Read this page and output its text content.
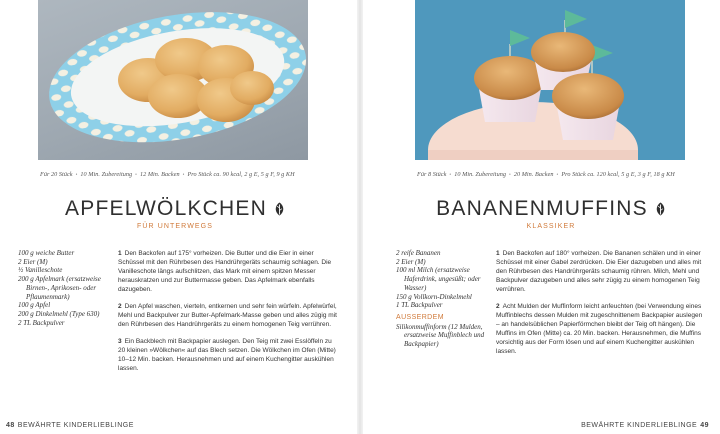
Für 20 Stück • 10 Min. Zubereitung • 12 Min. Backen • Pro Stück ca. 90 kcal, 2 g E, 5 g F, 9 g KH
APFELWÖLKCHEN
FÜR UNTERWEGS
100 g weiche Butter
2 Eier (M)
½ Vanilleschote
200 g Apfelmark (ersatzweise Birnen-, Aprikosen- oder Pflaumenmark)
100 g Apfel
200 g Dinkelmehl (Type 630)
2 TL Backpulver

1 Den Backofen auf 175° vorheizen. Die Butter und die Eier in einer Schüssel mit den Rührbesen des Handrührgeräts schaumig schlagen. Die Vanilleschote längs aufschlitzen, das Mark mit einem spitzen Messer herauskratzen und zur Buttermasse geben. Das Apfelmark ebenfalls dazugeben.

2 Den Apfel waschen, vierteln, entkernen und sehr fein würfeln. Apfelwürfel, Mehl und Backpulver zur Butter-Apfelmark-Masse geben und alles zügig mit den Rührbesen des Handrührgeräts zu einem homogenen Teig verrühren.

3 Ein Backblech mit Backpapier auslegen. Den Teig mit zwei Esslöffeln zu 20 kleinen »Wölkchen« auf das Blech setzen. Die Wölkchen im Ofen (Mitte) 10–12 Min. backen. Herausnehmen und auf einem Kuchengitter auskühlen lassen.

48 BEWÄHRTE KINDERLIEBLINGE
Für 8 Stück • 10 Min. Zubereitung • 20 Min. Backen • Pro Stück ca. 120 kcal, 5 g E, 3 g F, 18 g KH
BANANENMUFFINS
KLASSIKER
2 reife Bananen
2 Eier (M)
100 ml Milch (ersatzweise Haferdrink, ungesüßt; oder Wasser)
150 g Vollkorn-Dinkelmehl
1 TL Backpulver
AUSSERDEM
Silikonmuffinform (12 Mulden, ersatzweise Muffinblech und Backpapier)

1 Den Backofen auf 180° vorheizen. Die Bananen schälen und in einer Schüssel mit einer Gabel zerdrücken. Die Eier dazugeben und alles mit den Rührbesen des Handrührgeräts schaumig rühren. Milch, Mehl und Backpulver dazugeben und alles sehr zügig zu einem homogenen Teig verrühren.

2 Acht Mulden der Muffinform leicht anfeuchten (bei Verwendung eines Muffinblechs dessen Mulden mit zugeschnittenem Backpapier auslegen – an handelsüblichen Papierförmchen bleibt der Teig oft hängen). Die Muffins im Ofen (Mitte) ca. 20 Min. backen. Herausnehmen, die Muffins vorsichtig aus der Form lösen und auf einem Kuchengitter auskühlen lassen.

BEWÄHRTE KINDERLIEBLINGE 49
